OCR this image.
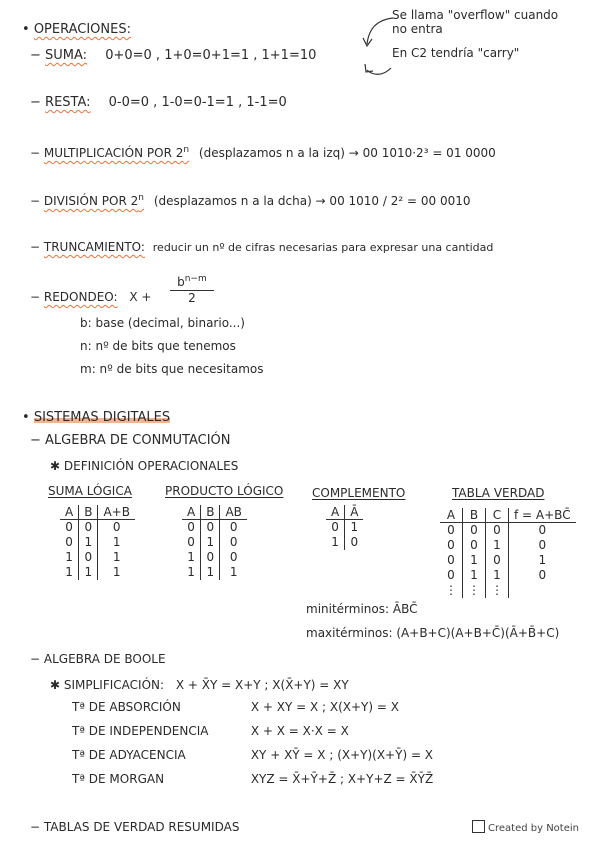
• OPERACIONES:
Se llama "overflow" cuando
no entra
− SUMA: 0+0=0 , 1+0=0+1=1 , 1+1=10	En C2 tendría "carry"
− RESTA: 0-0=0 , 1-0=0-1=1 , 1-1=0
− MULTIPLICACIÓN POR 2$^n$ (desplazamos n a la izq) → 00 1010·2³ = 01 0000
− DIVISIÓN POR 2$^n$ (desplazamos n a la dcha) → 00 1010 / 2² = 00 0010
− TRUNCAMIENTO: reducir un nº de cifras necesarias para expresar una cantidad
− REDONDEO: X +
$b^{n-m}$
2
b: base (decimal, binario...)
n: nº de bits que tenemos
m: nº de bits que necesitamos
• SISTEMAS DIGITALES
− ALGEBRA DE CONMUTACIÓN
✱ DEFINICIÓN OPERACIONALES
SUMA LÓGICA	PRODUCTO LÓGICO COMPLEMENTO	TABLA VERDAD
A	B	A+B
0	0	0
0	1	1
1	0	1
1	1	1
A	B	AB
0	0	0
0	1	0
1	0	0
1	1	1
A	Ā
0	1
1	0
A	B	C	f = A+BC̄
0	0	0	0
0	0	1	0
0	1	0	1
0	1	1	0
⋮	⋮	⋮	
minitérminos: ĀBC̄
maxitérminos: (A+B+C)(A+B+C̄)(Ā+B̄+C)
− ALGEBRA DE BOOLE
✱ SIMPLIFICACIÓN: X + X̄Y = X+Y ; X(X̄+Y) = XY
Tª DE ABSORCIÓN	X + XY = X ; X(X+Y) = X
Tª DE INDEPENDENCIA	X + X = X·X = X
Tª DE ADYACENCIA	XY + XȲ = X ; (X+Y)(X+Ȳ) = X
Tª DE MORGAN	XYZ = X̄+Ȳ+Z̄ ; X+Y+Z = X̄ȲZ̄
− TABLAS DE VERDAD RESUMIDAS	Created by Notein
